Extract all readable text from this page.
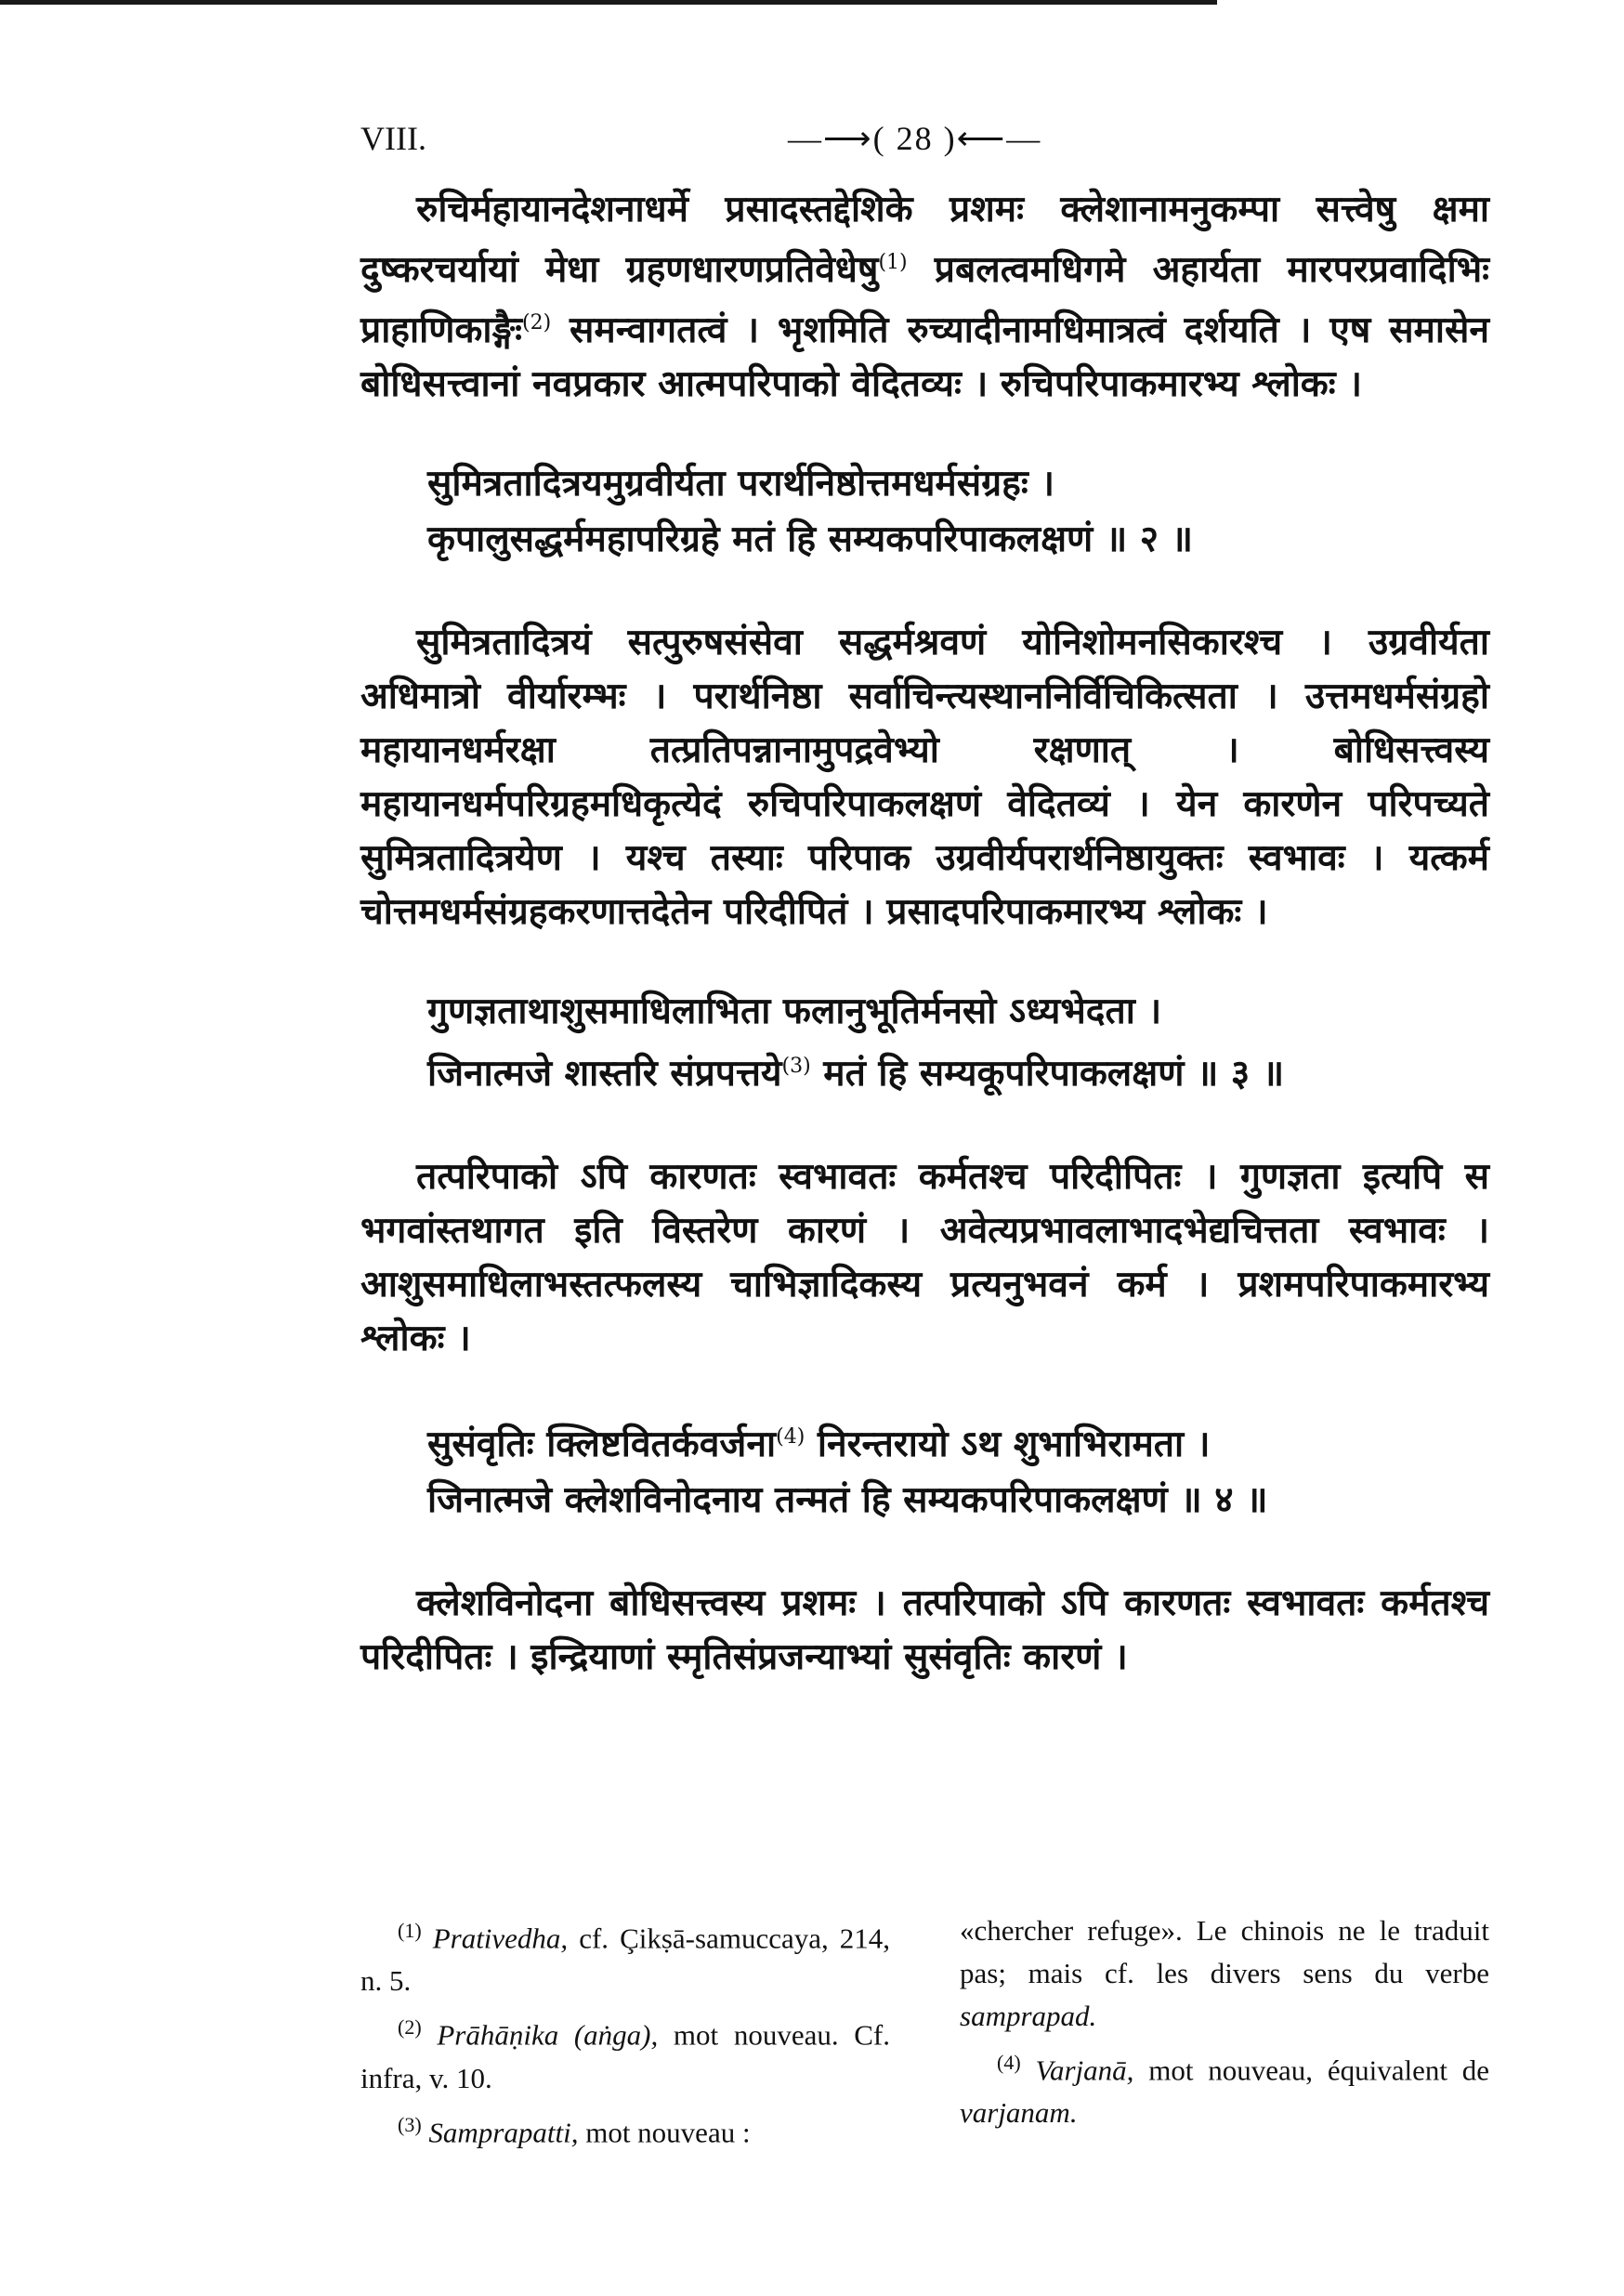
VIII.	—⟶( 28 )⟵—

रुचिर्महायानदेशनाधर्मे प्रसादस्तद्देशिके प्रशमः क्लेशानामनुकम्पा सत्त्वेषु क्षमा दुष्करचर्यायां मेधा ग्रहणधारणप्रतिवेधेषु$^{(1)}$ प्रबलत्वमधिगमे अहार्यता मारपरप्रवादिभिः प्राहाणिकाङ्गैः$^{(2)}$ समन्वागतत्वं । भृशमिति रुच्यादीनामधिमात्रत्वं दर्शयति । एष समासेन बोधिसत्त्वानां नवप्रकार आत्मपरिपाको वेदितव्यः । रुचिपरिपाकमारभ्य श्लोकः ।

सुमित्रतादित्रयमुग्रवीर्यता परार्थनिष्ठोत्तमधर्मसंग्रहः ।
कृपालुसद्धर्ममहापरिग्रहे मतं हि सम्यकपरिपाकलक्षणं ॥ २ ॥

सुमित्रतादित्रयं सत्पुरुषसंसेवा सद्धर्मश्रवणं योनिशोमनसिकारश्च । उग्रवीर्यता अधिमात्रो वीर्यारम्भः । परार्थनिष्ठा सर्वाचिन्त्यस्थाननिर्विचिकित्सता । उत्तमधर्मसंग्रहो महायानधर्मरक्षा तत्प्रतिपन्नानामुपद्रवेभ्यो रक्षणात् । बोधिसत्त्वस्य महायानधर्मपरिग्रहमधिकृत्येदं रुचिपरिपाकलक्षणं वेदितव्यं । येन कारणेन परिपच्यते सुमित्रतादित्रयेण । यश्च तस्याः परिपाक उग्रवीर्यपरार्थनिष्ठायुक्तः स्वभावः । यत्कर्म चोत्तमधर्मसंग्रहकरणात्तदेतेन परिदीपितं । प्रसादपरिपाकमारभ्य श्लोकः ।

गुणज्ञताथाशुसमाधिलाभिता फलानुभूतिर्मनसो ऽध्यभेदता ।
जिनात्मजे शास्तरि संप्रपत्तये$^{(3)}$ मतं हि सम्यकूपरिपाकलक्षणं ॥ ३ ॥

तत्परिपाको ऽपि कारणतः स्वभावतः कर्मतश्च परिदीपितः । गुणज्ञता इत्यपि स भगवांस्तथागत इति विस्तरेण कारणं । अवेत्यप्रभावलाभादभेद्यचित्तता स्वभावः । आशुसमाधिलाभस्तत्फलस्य चाभिज्ञादिकस्य प्रत्यनुभवनं कर्म । प्रशमपरिपाकमारभ्य श्लोकः ।

सुसंवृतिः क्लिष्टवितर्कवर्जना$^{(4)}$ निरन्तरायो ऽथ शुभाभिरामता ।
जिनात्मजे क्लेशविनोदनाय तन्मतं हि सम्यकपरिपाकलक्षणं ॥ ४ ॥

क्लेशविनोदना बोधिसत्त्वस्य प्रशमः । तत्परिपाको ऽपि कारणतः स्वभावतः कर्मतश्च परिदीपितः । इन्द्रियाणां स्मृतिसंप्रजन्याभ्यां सुसंवृतिः कारणं ।

$^{(1)}$ Prativedha, cf. Çikṣā-samuccaya, 214, n. 5.

$^{(2)}$ Prāhāṇika (aṅga), mot nouveau. Cf. infra, v. 10.

$^{(3)}$ Samprapatti, mot nouveau :

«chercher refuge». Le chinois ne le traduit pas; mais cf. les divers sens du verbe samprapad.

$^{(4)}$ Varjanā, mot nouveau, équivalent de varjanam.
